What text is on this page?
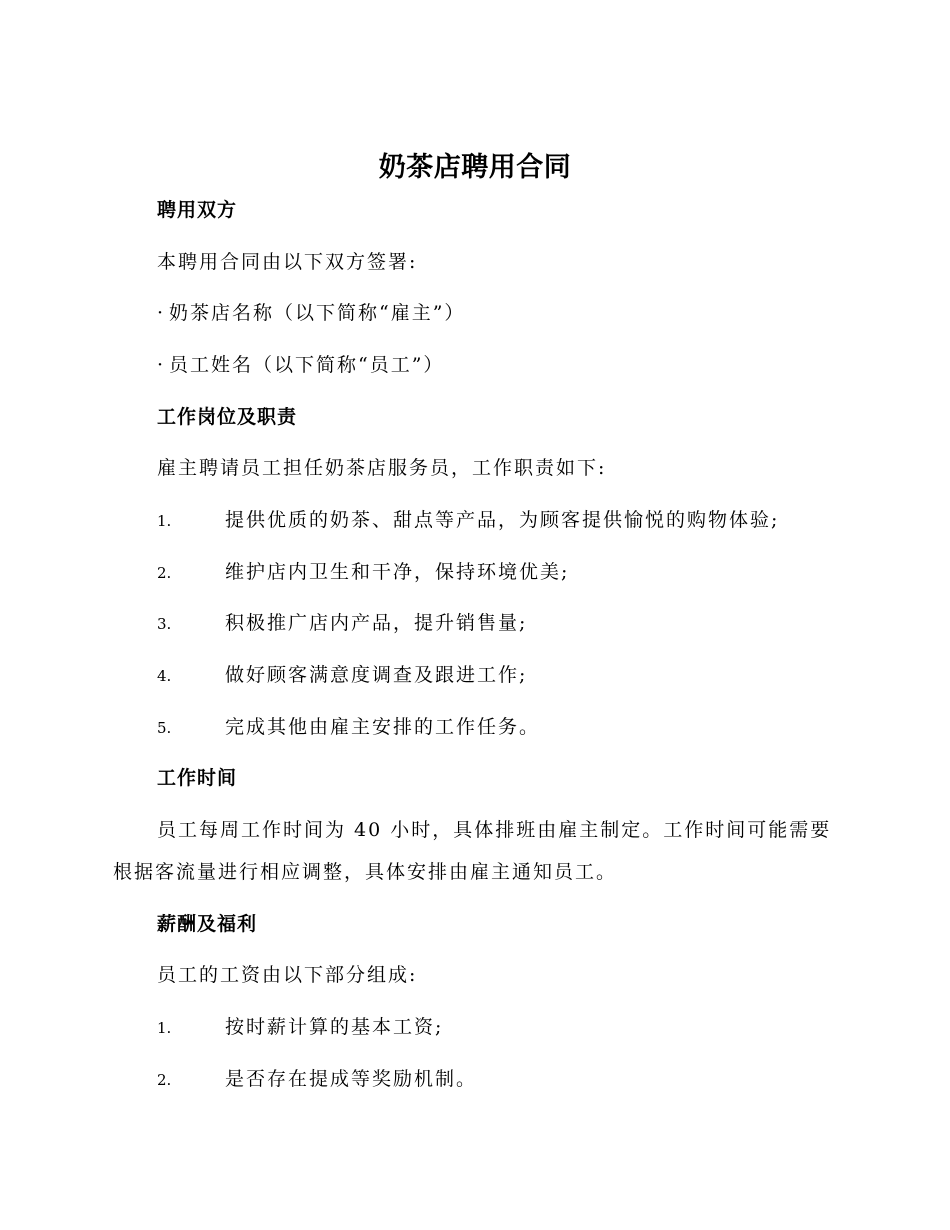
奶茶店聘用合同
聘用双方
本聘用合同由以下双方签署:
· 奶茶店名称（以下简称“雇主”）
· 员工姓名（以下简称“员工”）
工作岗位及职责
雇主聘请员工担任奶茶店服务员，工作职责如下:
1.	提供优质的奶茶、甜点等产品，为顾客提供愉悦的购物体验;
2.	维护店内卫生和干净，保持环境优美;
3.	积极推广店内产品，提升销售量;
4.	做好顾客满意度调查及跟进工作;
5.	完成其他由雇主安排的工作任务。
工作时间
员工每周工作时间为 40 小时，具体排班由雇主制定。工作时间可能需要
根据客流量进行相应调整，具体安排由雇主通知员工。
薪酬及福利
员工的工资由以下部分组成:
1.	按时薪计算的基本工资;
2.	是否存在提成等奖励机制。
